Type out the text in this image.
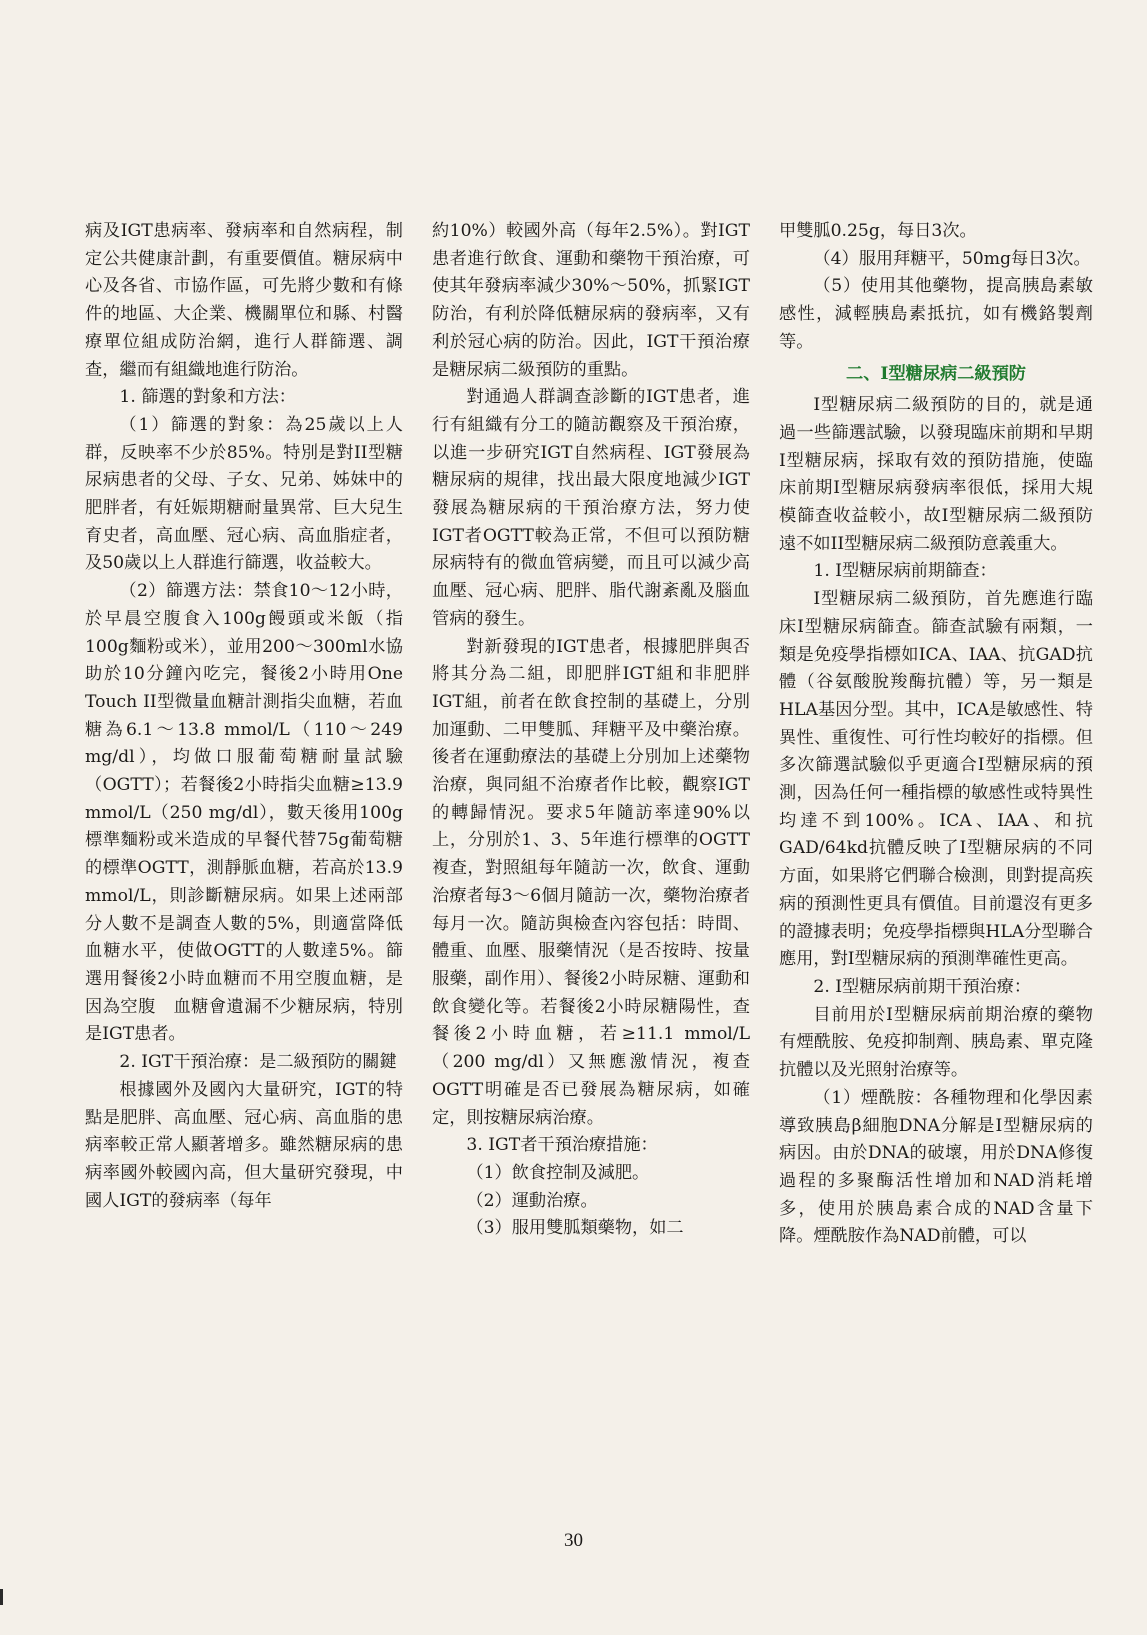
病及IGT患病率、發病率和自然病程，制定公共健康計劃，有重要價值。糖尿病中心及各省、市協作區，可先將少數和有條件的地區、大企業、機關單位和縣、村醫療單位組成防治網，進行人群篩選、調查，繼而有組織地進行防治。

1. 篩選的對象和方法：

（1）篩選的對象：為25歲以上人群，反映率不少於85%。特別是對II型糖尿病患者的父母、子女、兄弟、姊妹中的肥胖者，有妊娠期糖耐量異常、巨大兒生育史者，高血壓、冠心病、高血脂症者，及50歲以上人群進行篩選，收益較大。

（2）篩選方法：禁食10～12小時，於早晨空腹食入100g饅頭或米飯（指100g麵粉或米），並用200～300ml水協助於10分鐘內吃完，餐後2小時用One Touch II型微量血糖計測指尖血糖，若血糖為6.1～13.8 mmol/L（110～249 mg/dl），均做口服葡萄糖耐量試驗（OGTT）；若餐後2小時指尖血糖≥13.9 mmol/L（250 mg/dl），數天後用100g標準麵粉或米造成的早餐代替75g葡萄糖的標準OGTT，測靜脈血糖，若高於13.9 mmol/L，則診斷糖尿病。如果上述兩部分人數不是調查人數的5%，則適當降低血糖水平，使做OGTT的人數達5%。篩選用餐後2小時血糖而不用空腹血糖，是因為空腹　血糖會遺漏不少糖尿病，特別是IGT患者。

2. IGT干預治療：是二級預防的關鍵

根據國外及國內大量研究，IGT的特點是肥胖、高血壓、冠心病、高血脂的患病率較正常人顯著增多。雖然糖尿病的患病率國外較國內高，但大量研究發現，中國人IGT的發病率（每年

約10%）較國外高（每年2.5%）。對IGT患者進行飲食、運動和藥物干預治療，可使其年發病率減少30%～50%，抓緊IGT防治，有利於降低糖尿病的發病率，又有利於冠心病的防治。因此，IGT干預治療是糖尿病二級預防的重點。

對通過人群調查診斷的IGT患者，進行有組織有分工的隨訪觀察及干預治療，以進一步研究IGT自然病程、IGT發展為糖尿病的規律，找出最大限度地減少IGT發展為糖尿病的干預治療方法，努力使IGT者OGTT較為正常，不但可以預防糖尿病特有的微血管病變，而且可以減少高血壓、冠心病、肥胖、脂代謝紊亂及腦血管病的發生。

對新發現的IGT患者，根據肥胖與否將其分為二組，即肥胖IGT組和非肥胖IGT組，前者在飲食控制的基礎上，分別加運動、二甲雙胍、拜糖平及中藥治療。後者在運動療法的基礎上分別加上述藥物治療，與同組不治療者作比較，觀察IGT的轉歸情況。要求5年隨訪率達90%以上，分別於1、3、5年進行標準的OGTT複查，對照組每年隨訪一次，飲食、運動治療者每3～6個月隨訪一次，藥物治療者每月一次。隨訪與檢查內容包括：時間、體重、血壓、服藥情況（是否按時、按量服藥，副作用）、餐後2小時尿糖、運動和飲食變化等。若餐後2小時尿糖陽性，查餐後2小時血糖，若≥11.1 mmol/L（200 mg/dl）又無應激情況，複查OGTT明確是否已發展為糖尿病，如確定，則按糖尿病治療。

3. IGT者干預治療措施：

（1）飲食控制及減肥。

（2）運動治療。

（3）服用雙胍類藥物，如二

甲雙胍0.25g，每日3次。

（4）服用拜糖平，50mg每日3次。

（5）使用其他藥物，提高胰島素敏感性，減輕胰島素抵抗，如有機鉻製劑等。

二、I型糖尿病二級預防

I型糖尿病二級預防的目的，就是通過一些篩選試驗，以發現臨床前期和早期I型糖尿病，採取有效的預防措施，使臨床前期I型糖尿病發病率很低，採用大規模篩查收益較小，故I型糖尿病二級預防遠不如II型糖尿病二級預防意義重大。

1. I型糖尿病前期篩查：

I型糖尿病二級預防，首先應進行臨床I型糖尿病篩查。篩查試驗有兩類，一類是免疫學指標如ICA、IAA、抗GAD抗體（谷氨酸脫羧酶抗體）等，另一類是HLA基因分型。其中，ICA是敏感性、特異性、重復性、可行性均較好的指標。但多次篩選試驗似乎更適合I型糖尿病的預測，因為任何一種指標的敏感性或特異性均達不到100%。ICA、IAA、和抗GAD/64kd抗體反映了I型糖尿病的不同方面，如果將它們聯合檢測，則對提高疾病的預測性更具有價值。目前還沒有更多的證據表明；免疫學指標與HLA分型聯合應用，對I型糖尿病的預測準確性更高。

2. I型糖尿病前期干預治療：

目前用於I型糖尿病前期治療的藥物有煙酰胺、免疫抑制劑、胰島素、單克隆抗體以及光照射治療等。

（1）煙酰胺：各種物理和化學因素導致胰島β細胞DNA分解是I型糖尿病的病因。由於DNA的破壞，用於DNA修復過程的多聚酶活性增加和NAD消耗增多，使用於胰島素合成的NAD含量下降。煙酰胺作為NAD前體，可以

30
